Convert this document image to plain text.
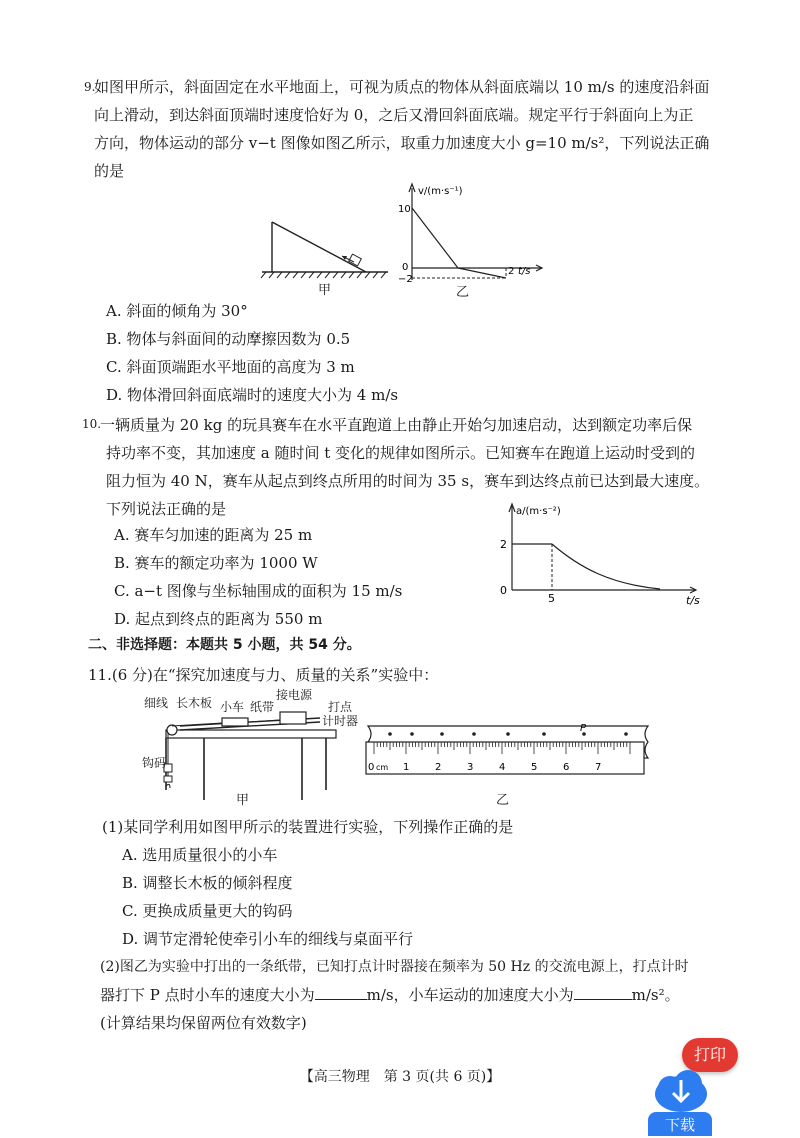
9.
如图甲所示，斜面固定在水平地面上，可视为质点的物体从斜面底端以 10 m/s 的速度沿斜面
向上滑动，到达斜面顶端时速度恰好为 0，之后又滑回斜面底端。规定平行于斜面向上为正
方向，物体运动的部分 v−t 图像如图乙所示，取重力加速度大小 g=10 m/s²，下列说法正确
的是
甲
v/(m·s⁻¹)
10
0
−2
2 t/s
乙
A. 斜面的倾角为 30°
B. 物体与斜面间的动摩擦因数为 0.5
C. 斜面顶端距水平地面的高度为 3 m
D. 物体滑回斜面底端时的速度大小为 4 m/s
10.
一辆质量为 20 kg 的玩具赛车在水平直跑道上由静止开始匀加速启动，达到额定功率后保
持功率不变，其加速度 a 随时间 t 变化的规律如图所示。已知赛车在跑道上运动时受到的
阻力恒为 40 N，赛车从起点到终点所用的时间为 35 s，赛车到达终点前已达到最大速度。
下列说法正确的是
A. 赛车匀加速的距离为 25 m
B. 赛车的额定功率为 1000 W
C. a−t 图像与坐标轴围成的面积为 15 m/s
D. 起点到终点的距离为 550 m
a/(m·s⁻²)
2
0
5	t/s
二、非选择题：本题共 5 小题，共 54 分。
11.(6 分)在“探究加速度与力、质量的关系”实验中：
细线 长木板 小车 纸带
接电源
打点
计时器
钩码
甲
0 cm 1	2	3	4	5	6	7
P
乙
(1)某同学利用如图甲所示的装置进行实验，下列操作正确的是
A. 选用质量很小的小车
B. 调整长木板的倾斜程度
C. 更换成质量更大的钩码
D. 调节定滑轮使牵引小车的细线与桌面平行
(2)图乙为实验中打出的一条纸带，已知打点计时器接在频率为 50 Hz 的交流电源上，打点计时
器打下 P 点时小车的速度大小为	m/s，小车运动的加速度大小为	m/s²。
(计算结果均保留两位有效数字)
【高三物理　第 3 页(共 6 页)】
打印
下载
